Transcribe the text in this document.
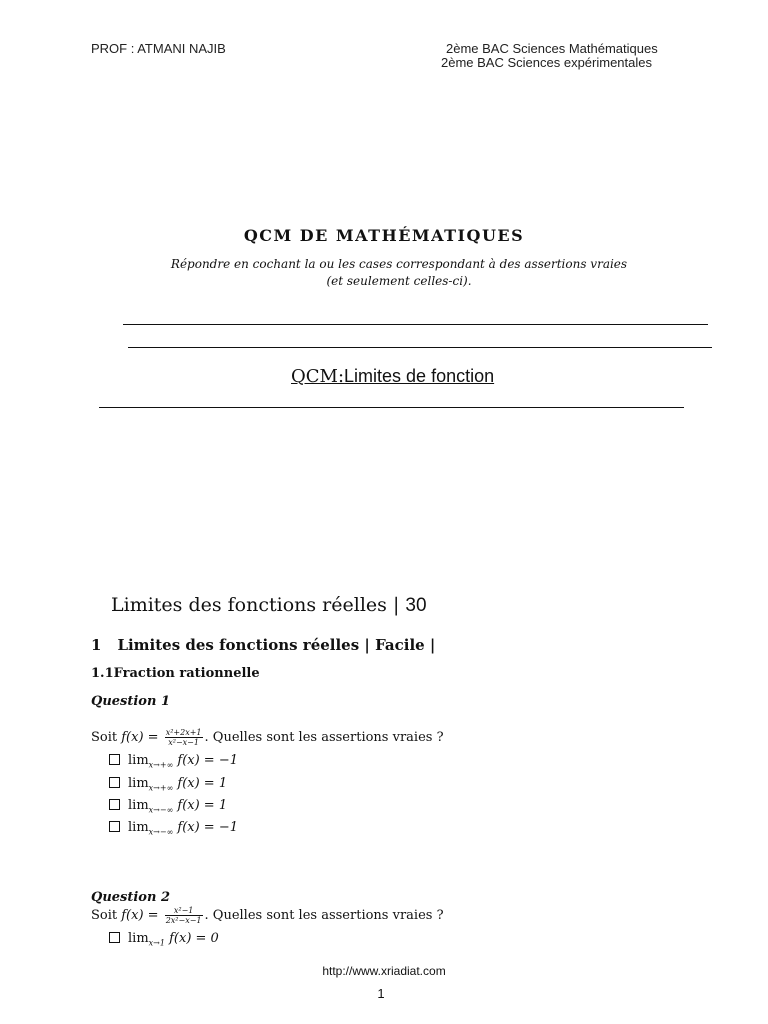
PROF : ATMANI NAJIB	2ème BAC Sciences Mathématiques
2ème BAC Sciences expérimentales
QCM DE MATHÉMATIQUES
Répondre en cochant la ou les cases correspondant à des assertions vraies
(et seulement celles-ci).
QCM:Limites de fonction
Limites des fonctions réelles | 30
1 Limites des fonctions réelles | Facile |
1.1Fraction rationnelle
Question 1
Soit $f(x) = \frac{\text{x²+2x+1}}{\text{x²−x−1}}$ . Quelles sont les assertions vraies ?
$\lim_{x\to+\infty} f(x) = -1$
$\lim_{x\to+\infty} f(x) = 1$
$\lim_{x\to-\infty} f(x) = 1$
$\lim_{x\to-\infty} f(x) = -1$
Question 2
Soit $f(x) = \frac{\text{x²−1}}{\text{2x²−x−1}}$ . Quelles sont les assertions vraies ?
$\lim_{x\to 1} f(x) = 0$
http://www.xriadiat.com
1
